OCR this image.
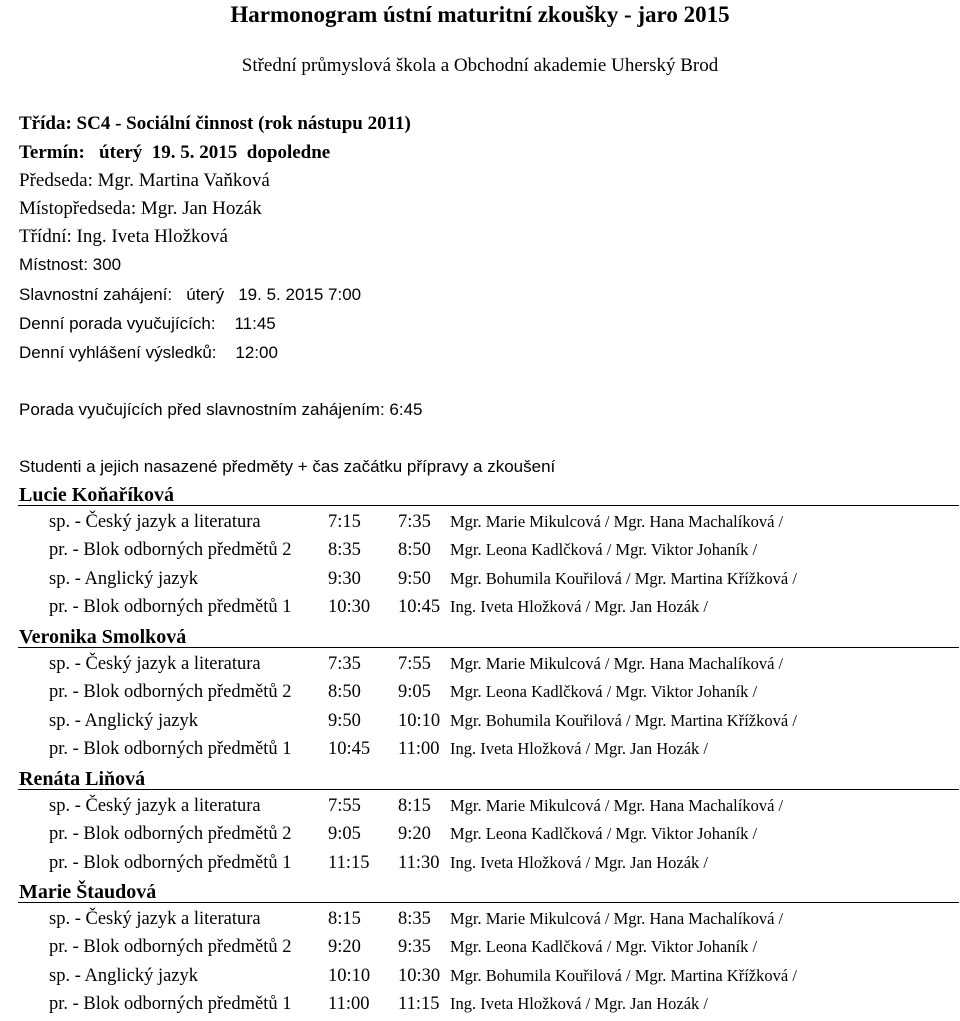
Harmonogram ústní maturitní zkoušky - jaro 2015
Střední průmyslová škola a Obchodní akademie Uherský Brod
Třída: SC4 - Sociální činnost (rok nástupu 2011)
Termín:   úterý  19. 5. 2015  dopoledne
Předseda: Mgr. Martina Vaňková
Místopředseda: Mgr. Jan Hozák
Třídní: Ing. Iveta Hložková
Místnost: 300
Slavnostní zahájení:   úterý   19. 5. 2015 7:00
Denní porada vyučujících:    11:45
Denní vyhlášení výsledků:    12:00
Porada vyučujících před slavnostním zahájením: 6:45
Studenti a jejich nasazené předměty + čas začátku přípravy a zkoušení
Lucie Koňaříková
sp. - Český jazyk a literatura	7:15 7:35 Mgr. Marie Mikulcová / Mgr. Hana Machalíková /
pr. - Blok odborných předmětů 2 8:35 8:50 Mgr. Leona Kadlčková / Mgr. Viktor Johaník /
sp. - Anglický jazyk	9:30 9:50 Mgr. Bohumila Kouřilová / Mgr. Martina Křížková /
pr. - Blok odborných předmětů 1 10:30 10:45 Ing. Iveta Hložková / Mgr. Jan Hozák /
Veronika Smolková
sp. - Český jazyk a literatura	7:35 7:55 Mgr. Marie Mikulcová / Mgr. Hana Machalíková /
pr. - Blok odborných předmětů 2 8:50 9:05 Mgr. Leona Kadlčková / Mgr. Viktor Johaník /
sp. - Anglický jazyk	9:50 10:10 Mgr. Bohumila Kouřilová / Mgr. Martina Křížková /
pr. - Blok odborných předmětů 1 10:45 11:00 Ing. Iveta Hložková / Mgr. Jan Hozák /
Renáta Liňová
sp. - Český jazyk a literatura	7:55 8:15 Mgr. Marie Mikulcová / Mgr. Hana Machalíková /
pr. - Blok odborných předmětů 2 9:05 9:20 Mgr. Leona Kadlčková / Mgr. Viktor Johaník /
pr. - Blok odborných předmětů 1 11:15 11:30 Ing. Iveta Hložková / Mgr. Jan Hozák /
Marie Štaudová
sp. - Český jazyk a literatura	8:15 8:35 Mgr. Marie Mikulcová / Mgr. Hana Machalíková /
pr. - Blok odborných předmětů 2 9:20 9:35 Mgr. Leona Kadlčková / Mgr. Viktor Johaník /
sp. - Anglický jazyk	10:10 10:30 Mgr. Bohumila Kouřilová / Mgr. Martina Křížková /
pr. - Blok odborných předmětů 1 11:00 11:15 Ing. Iveta Hložková / Mgr. Jan Hozák /
